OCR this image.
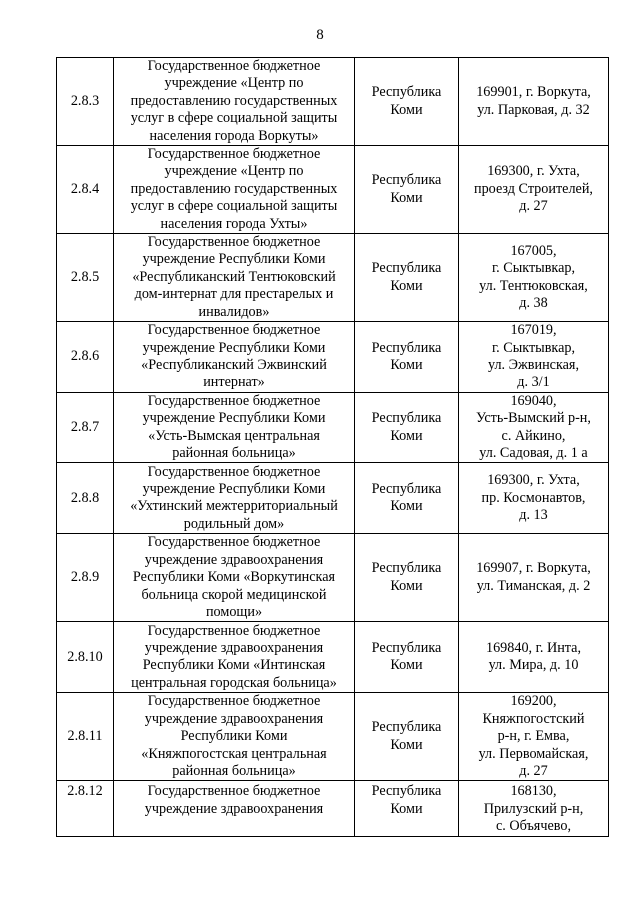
8
2.8.3	Государственное бюджетное
учреждение «Центр по
предоставлению государственных
услуг в сфере социальной защиты
населения города Воркуты»	Республика
Коми	169901, г. Воркута,
ул. Парковая, д. 32
2.8.4	Государственное бюджетное
учреждение «Центр по
предоставлению государственных
услуг в сфере социальной защиты
населения города Ухты»	Республика
Коми	169300, г. Ухта,
проезд Строителей,
д. 27
2.8.5	Государственное бюджетное
учреждение Республики Коми
«Республиканский Тентюковский
дом-интернат для престарелых и
инвалидов»	Республика
Коми	167005,
г. Сыктывкар,
ул. Тентюковская,
д. 38
2.8.6	Государственное бюджетное
учреждение Республики Коми
«Республиканский Эжвинский
интернат»	Республика
Коми	167019,
г. Сыктывкар,
ул. Эжвинская,
д. 3/1
2.8.7	Государственное бюджетное
учреждение Республики Коми
«Усть-Вымская центральная
районная больница»	Республика
Коми	169040,
Усть-Вымский р-н,
с. Айкино,
ул. Садовая, д. 1 а
2.8.8	Государственное бюджетное
учреждение Республики Коми
«Ухтинский межтерриториальный
родильный дом»	Республика
Коми	169300, г. Ухта,
пр. Космонавтов,
д. 13
2.8.9	Государственное бюджетное
учреждение здравоохранения
Республики Коми «Воркутинская
больница скорой медицинской
помощи»	Республика
Коми	169907, г. Воркута,
ул. Тиманская, д. 2
2.8.10	Государственное бюджетное
учреждение здравоохранения
Республики Коми «Интинская
центральная городская больница»	Республика
Коми	169840, г. Инта,
ул. Мира, д. 10
2.8.11	Государственное бюджетное
учреждение здравоохранения
Республики Коми
«Княжпогостская центральная
районная больница»	Республика
Коми	169200,
Княжпогостский
р-н, г. Емва,
ул. Первомайская,
д. 27
2.8.12	Государственное бюджетное
учреждение здравоохранения	Республика
Коми	168130,
Прилузский р-н,
с. Объячево,
